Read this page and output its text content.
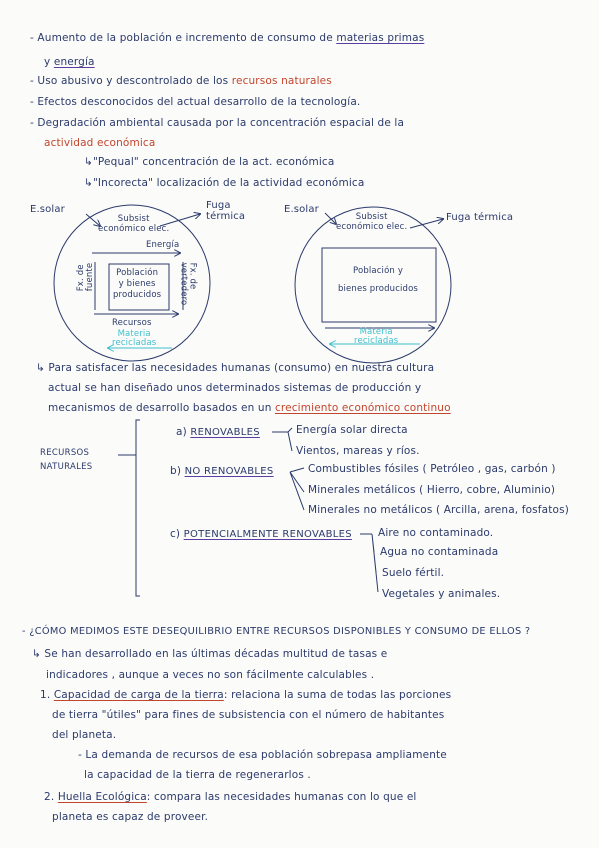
- Aumento de la población e incremento de consumo de materias primas
y energía
- Uso abusivo y descontrolado de los recursos naturales
- Efectos desconocidos del actual desarrollo de la tecnología.
- Degradación ambiental causada por la concentración espacial de la
actividad económica
↳"Pequal" concentración de la act. económica
↳"Incorecta" localización de la actividad económica
E.solar	Fuga
térmica
Subsist
económico elec.
Energía
Fx. de
fuente	Fx. de
vertedero
Población
y bienes
producidos
Recursos
Materia
recicladas
E.solar
Fuga térmica
Subsist
económico elec.
Población y
bienes producidos
Materia
recicladas
↳ Para satisfacer las necesidades humanas (consumo) en nuestra cultura
actual se han diseñado unos determinados sistemas de producción y
mecanismos de desarrollo basados en un crecimiento económico continuo
RECURSOS
NATURALES
a) RENOVABLES	Energía solar directa
Vientos, mareas y ríos.
b) NO RENOVABLES	Combustibles fósiles ( Petróleo , gas, carbón )
Minerales metálicos ( Hierro, cobre, Aluminio)
Minerales no metálicos ( Arcilla, arena, fosfatos)
c) POTENCIALMENTE RENOVABLES Aire no contaminado.
Agua no contaminada
Suelo fértil.
Vegetales y animales.
- ¿CÓMO MEDIMOS ESTE DESEQUILIBRIO ENTRE RECURSOS DISPONIBLES Y CONSUMO DE ELLOS ?
↳ Se han desarrollado en las últimas décadas multitud de tasas e
indicadores , aunque a veces no son fácilmente calculables .
1. Capacidad de carga de la tierra: relaciona la suma de todas las porciones
de tierra "útiles" para fines de subsistencia con el número de habitantes
del planeta.
- La demanda de recursos de esa población sobrepasa ampliamente
la capacidad de la tierra de regenerarlos .
2. Huella Ecológica: compara las necesidades humanas con lo que el
planeta es capaz de proveer.
